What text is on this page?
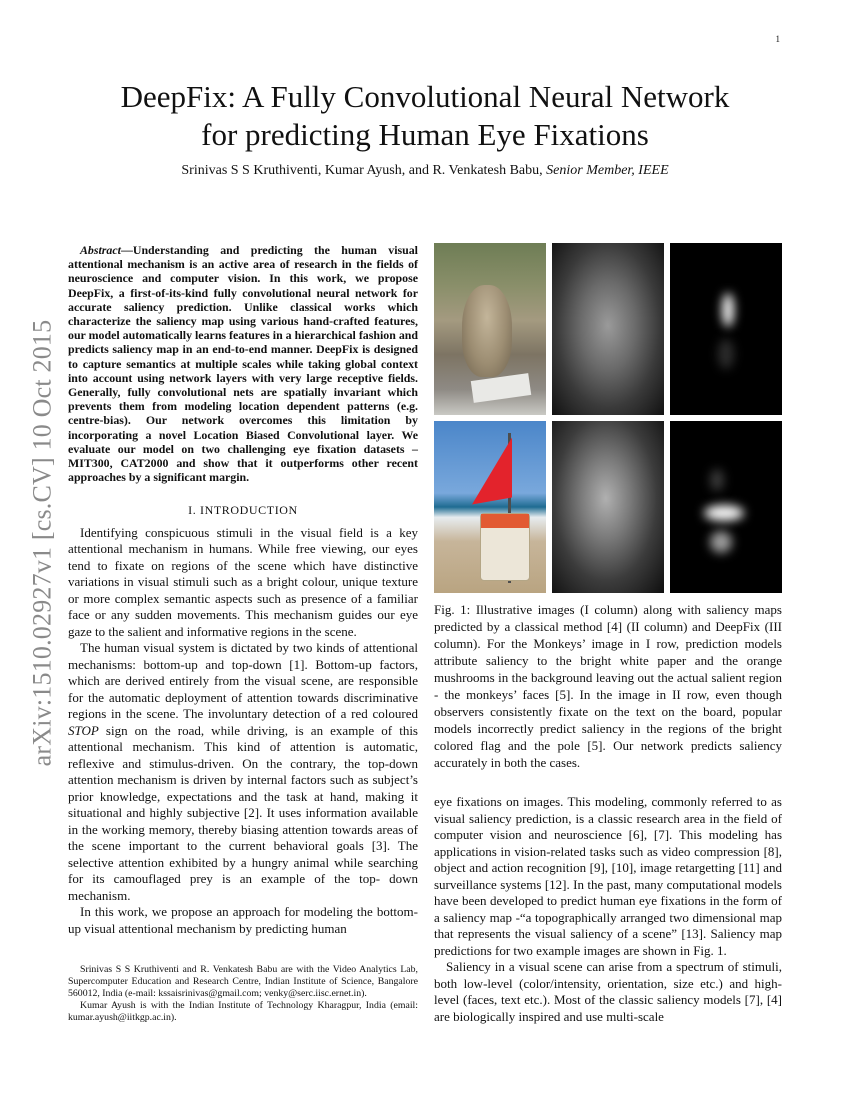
1
arXiv:1510.02927v1 [cs.CV] 10 Oct 2015
DeepFix: A Fully Convolutional Neural Network
for predicting Human Eye Fixations
Srinivas S S Kruthiventi, Kumar Ayush, and R. Venkatesh Babu, Senior Member, IEEE

Abstract—Understanding and predicting the human visual attentional mechanism is an active area of research in the fields of neuroscience and computer vision. In this work, we propose DeepFix, a first-of-its-kind fully convolutional neural network for accurate saliency prediction. Unlike classical works which characterize the saliency map using various hand-crafted features, our model automatically learns features in a hierarchical fashion and predicts saliency map in an end-to-end manner. DeepFix is designed to capture semantics at multiple scales while taking global context into account using network layers with very large receptive fields. Generally, fully convolutional nets are spatially invariant which prevents them from modeling location dependent patterns (e.g. centre-bias). Our network overcomes this limitation by incorporating a novel Location Biased Convolutional layer. We evaluate our model on two challenging eye fixation datasets – MIT300, CAT2000 and show that it outperforms other recent approaches by a significant margin.

I. INTRODUCTION

Identifying conspicuous stimuli in the visual field is a key attentional mechanism in humans. While free viewing, our eyes tend to fixate on regions of the scene which have distinctive variations in visual stimuli such as a bright colour, unique texture or more complex semantic aspects such as presence of a familiar face or any sudden movements. This mechanism guides our eye gaze to the salient and informative regions in the scene.

The human visual system is dictated by two kinds of attentional mechanisms: bottom-up and top-down [1]. Bottom-up factors, which are derived entirely from the visual scene, are responsible for the automatic deployment of attention towards discriminative regions in the scene. The involuntary detection of a red coloured STOP sign on the road, while driving, is an example of this attentional mechanism. This kind of attention is automatic, reflexive and stimulus-driven. On the contrary, the top-down attention mechanism is driven by internal factors such as subject’s prior knowledge, expectations and the task at hand, making it situational and highly subjective [2]. It uses information available in the working memory, thereby biasing attention towards areas of the scene important to the current behavioral goals [3]. The selective attention exhibited by a hungry animal while searching for its camouflaged prey is an example of the top- down mechanism.

In this work, we propose an approach for modeling the bottom-up visual attentional mechanism by predicting human

Srinivas S S Kruthiventi and R. Venkatesh Babu are with the Video Analytics Lab, Supercomputer Education and Research Centre, Indian Institute of Science, Bangalore 560012, India (e-mail: kssaisrinivas@gmail.com; venky@serc.iisc.ernet.in).

Kumar Ayush is with the Indian Institute of Technology Kharagpur, India (email: kumar.ayush@iitkgp.ac.in).

Fig. 1: Illustrative images (I column) along with saliency maps predicted by a classical method [4] (II column) and DeepFix (III column). For the Monkeys’ image in I row, prediction models attribute saliency to the bright white paper and the orange mushrooms in the background leaving out the actual salient region - the monkeys’ faces [5]. In the image in II row, even though observers consistently fixate on the text on the board, popular models incorrectly predict saliency in the regions of the bright colored flag and the pole [5]. Our network predicts saliency accurately in both the cases.

eye fixations on images. This modeling, commonly referred to as visual saliency prediction, is a classic research area in the field of computer vision and neuroscience [6], [7]. This modeling has applications in vision-related tasks such as video compression [8], object and action recognition [9], [10], image retargetting [11] and surveillance systems [12]. In the past, many computational models have been developed to predict human eye fixations in the form of a saliency map -“a topographically arranged two dimensional map that represents the visual saliency of a scene” [13]. Saliency map predictions for two example images are shown in Fig. 1.

Saliency in a visual scene can arise from a spectrum of stimuli, both low-level (color/intensity, orientation, size etc.) and high-level (faces, text etc.). Most of the classic saliency models [7], [4] are biologically inspired and use multi-scale
